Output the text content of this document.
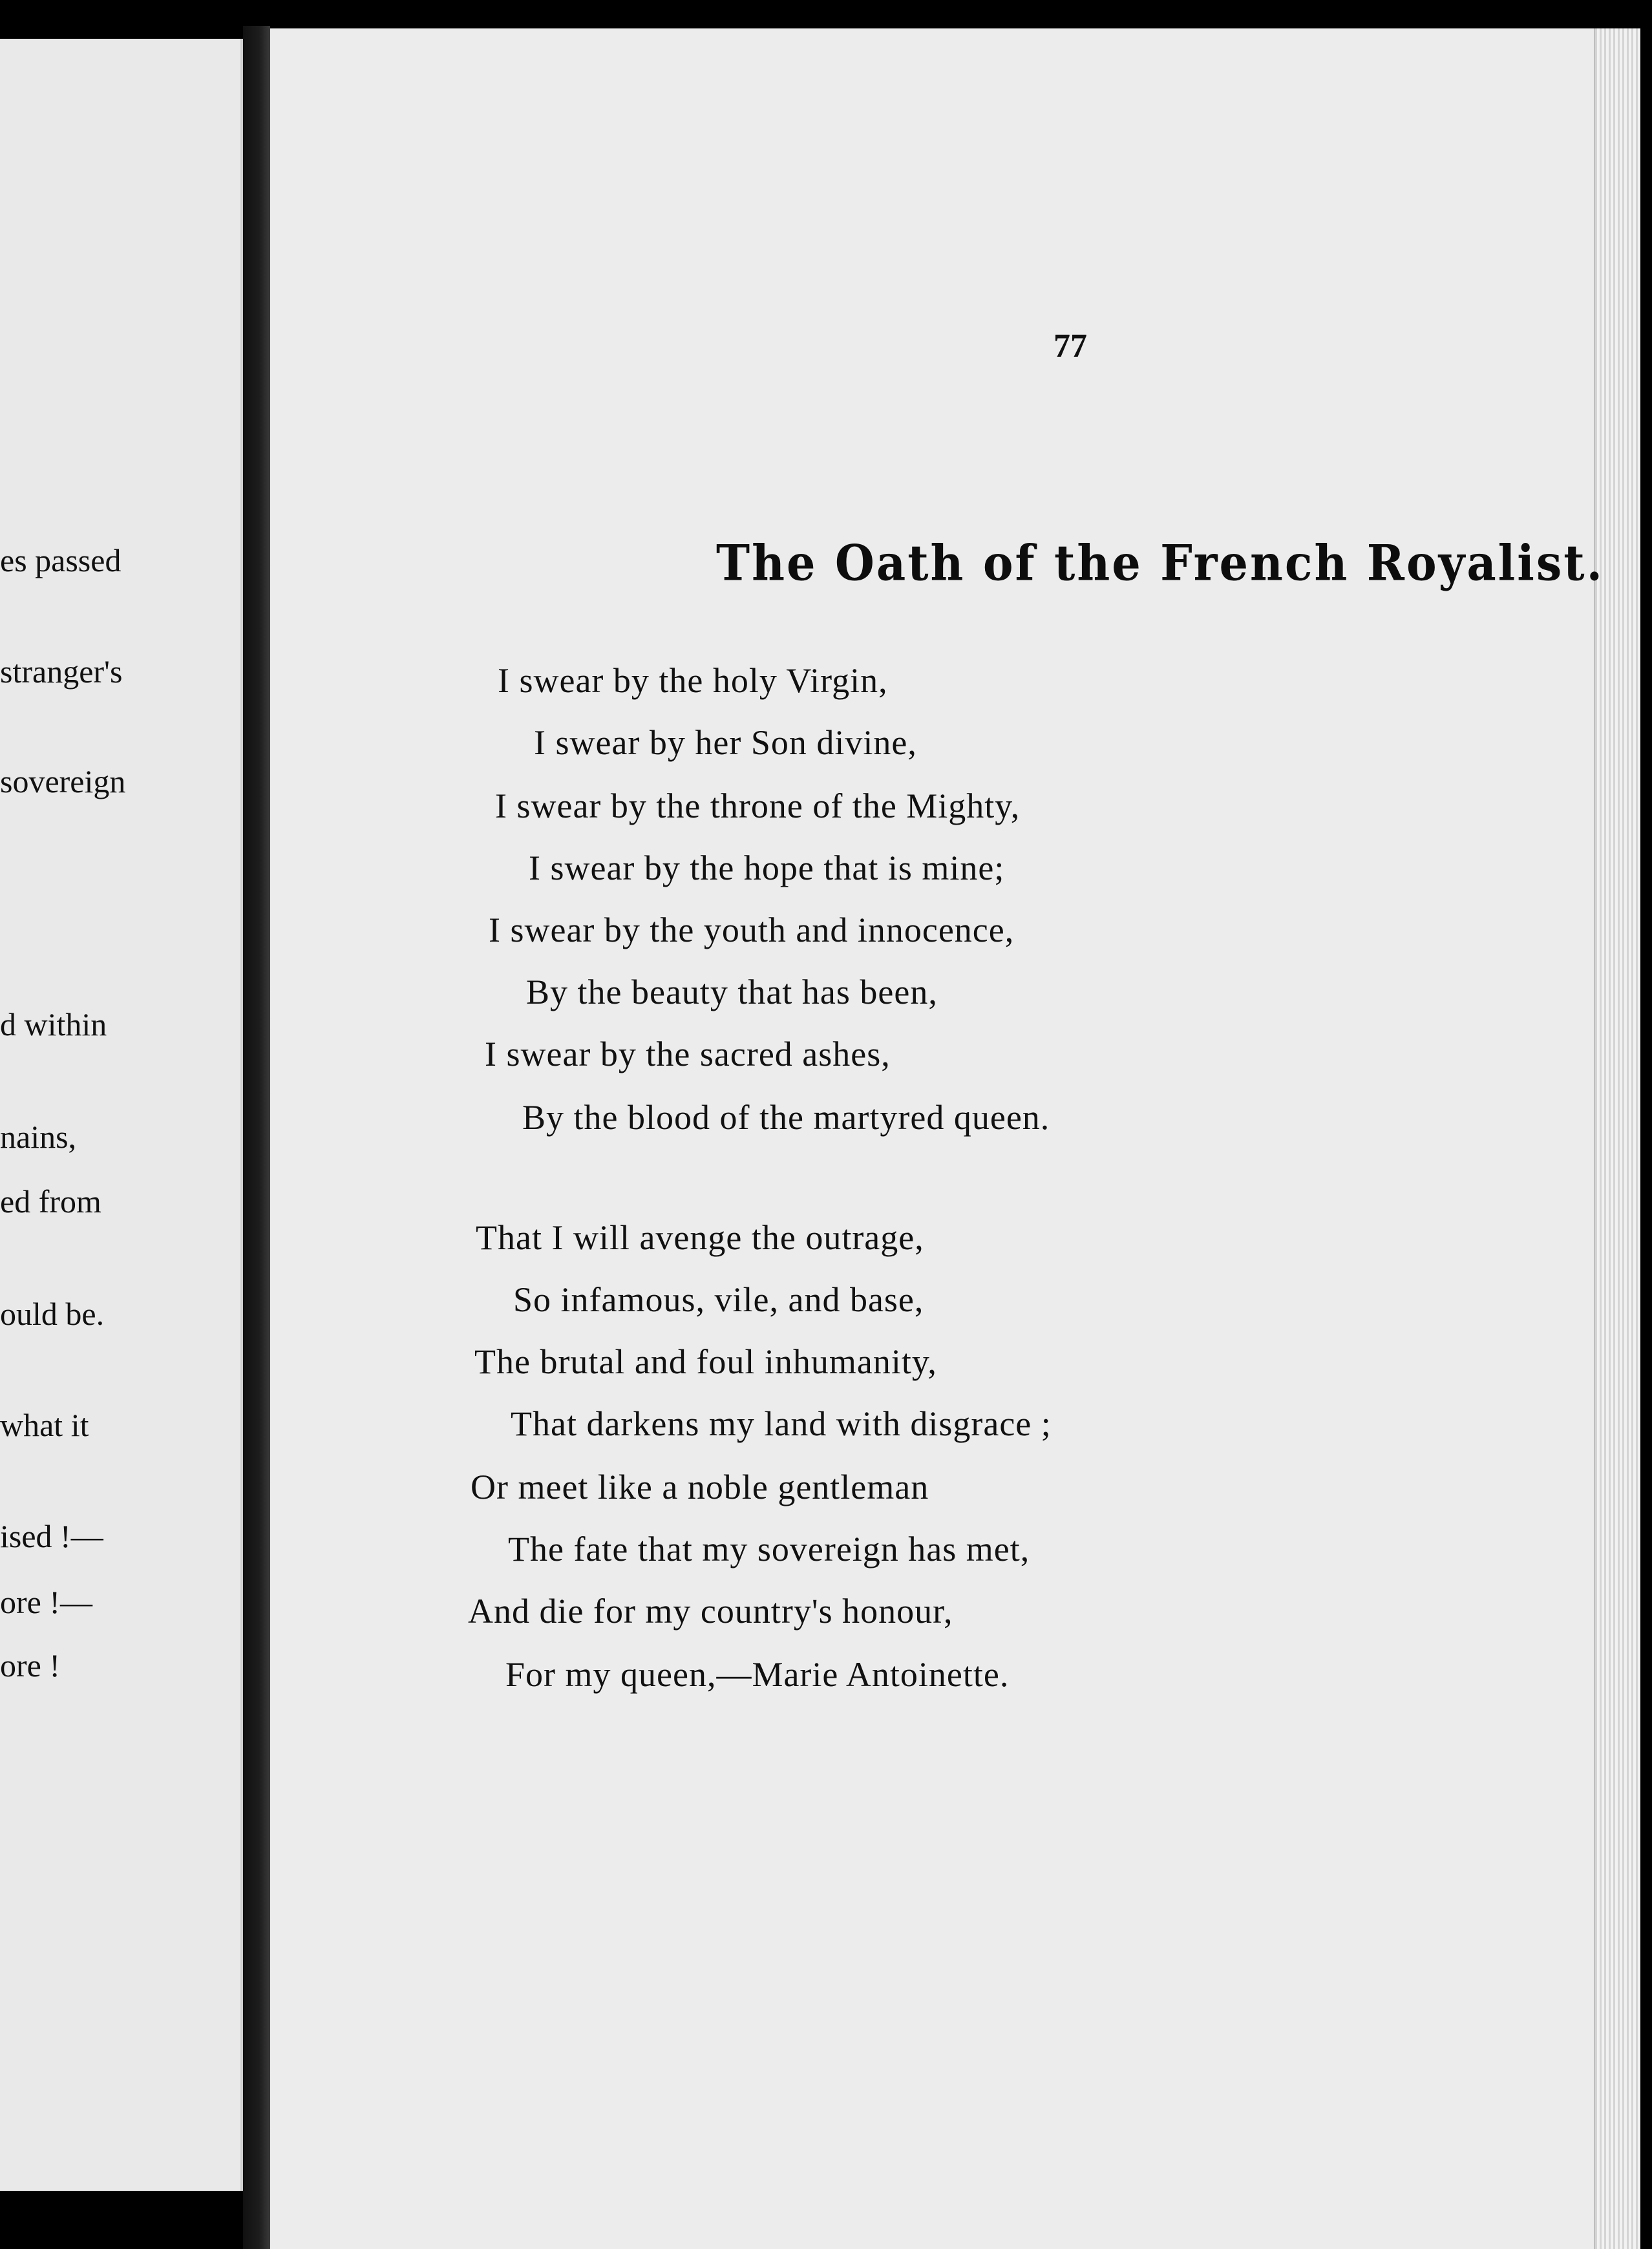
es passed
stranger's
sovereign
d within
nains,
ed from
ould be.
what it
ised !—
ore !—
ore !
77
The Oath of the French Royalist.
I swear by the holy Virgin,
I swear by her Son divine,
I swear by the throne of the Mighty,
I swear by the hope that is mine;
I swear by the youth and innocence,
By the beauty that has been,
I swear by the sacred ashes,
By the blood of the martyred queen.
That I will avenge the outrage,
So infamous, vile, and base,
The brutal and foul inhumanity,
That darkens my land with disgrace ;
Or meet like a noble gentleman
The fate that my sovereign has met,
And die for my country's honour,
For my queen,—Marie Antoinette.
